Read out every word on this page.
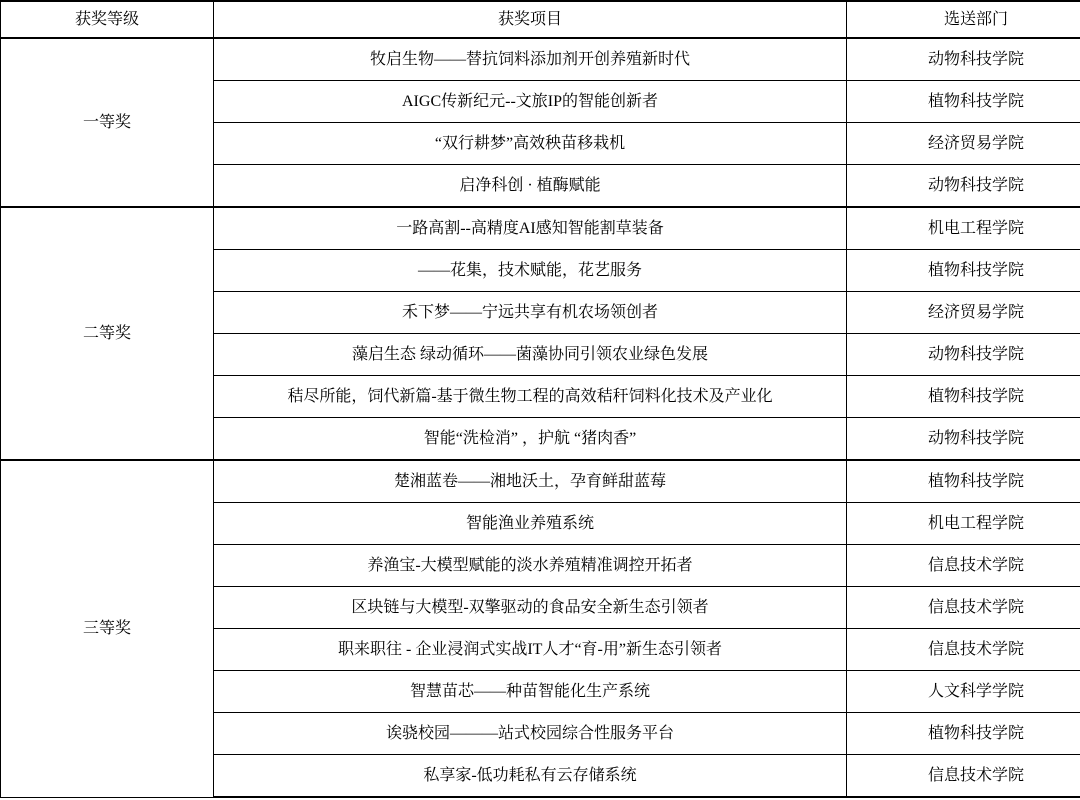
获奖等级	获奖项目	选送部门
一等奖	牧启生物——替抗饲料添加剂开创养殖新时代	动物科技学院

	AIGC传新纪元--文旅IP的智能创新者	植物科技学院

	“双行耕梦”高效秧苗移栽机	经济贸易学院

	启净科创 · 植酶赋能	动物科技学院
二等奖	一路高割--高精度AI感知智能割草装备	机电工程学院

	——花集，技术赋能，花艺服务	植物科技学院

	禾下梦——宁远共享有机农场领创者	经济贸易学院

	藻启生态 绿动循环——菌藻协同引领农业绿色发展	动物科技学院

	秸尽所能，饲代新篇-基于微生物工程的高效秸秆饲料化技术及产业化	植物科技学院

	智能“洗检消” ，护航 “猪肉香”	动物科技学院
三等奖	楚湘蓝卷——湘地沃土，孕育鲜甜蓝莓	植物科技学院

	智能渔业养殖系统	机电工程学院

	养渔宝-大模型赋能的淡水养殖精准调控开拓者	信息技术学院

	区块链与大模型-双擎驱动的食品安全新生态引领者	信息技术学院

	职来职往 - 企业浸润式实战IT人才“育-用”新生态引领者	信息技术学院

	智慧苗芯——种苗智能化生产系统	人文科学学院

	诶骁校园———站式校园综合性服务平台	植物科技学院

	私享家-低功耗私有云存储系统	信息技术学院
